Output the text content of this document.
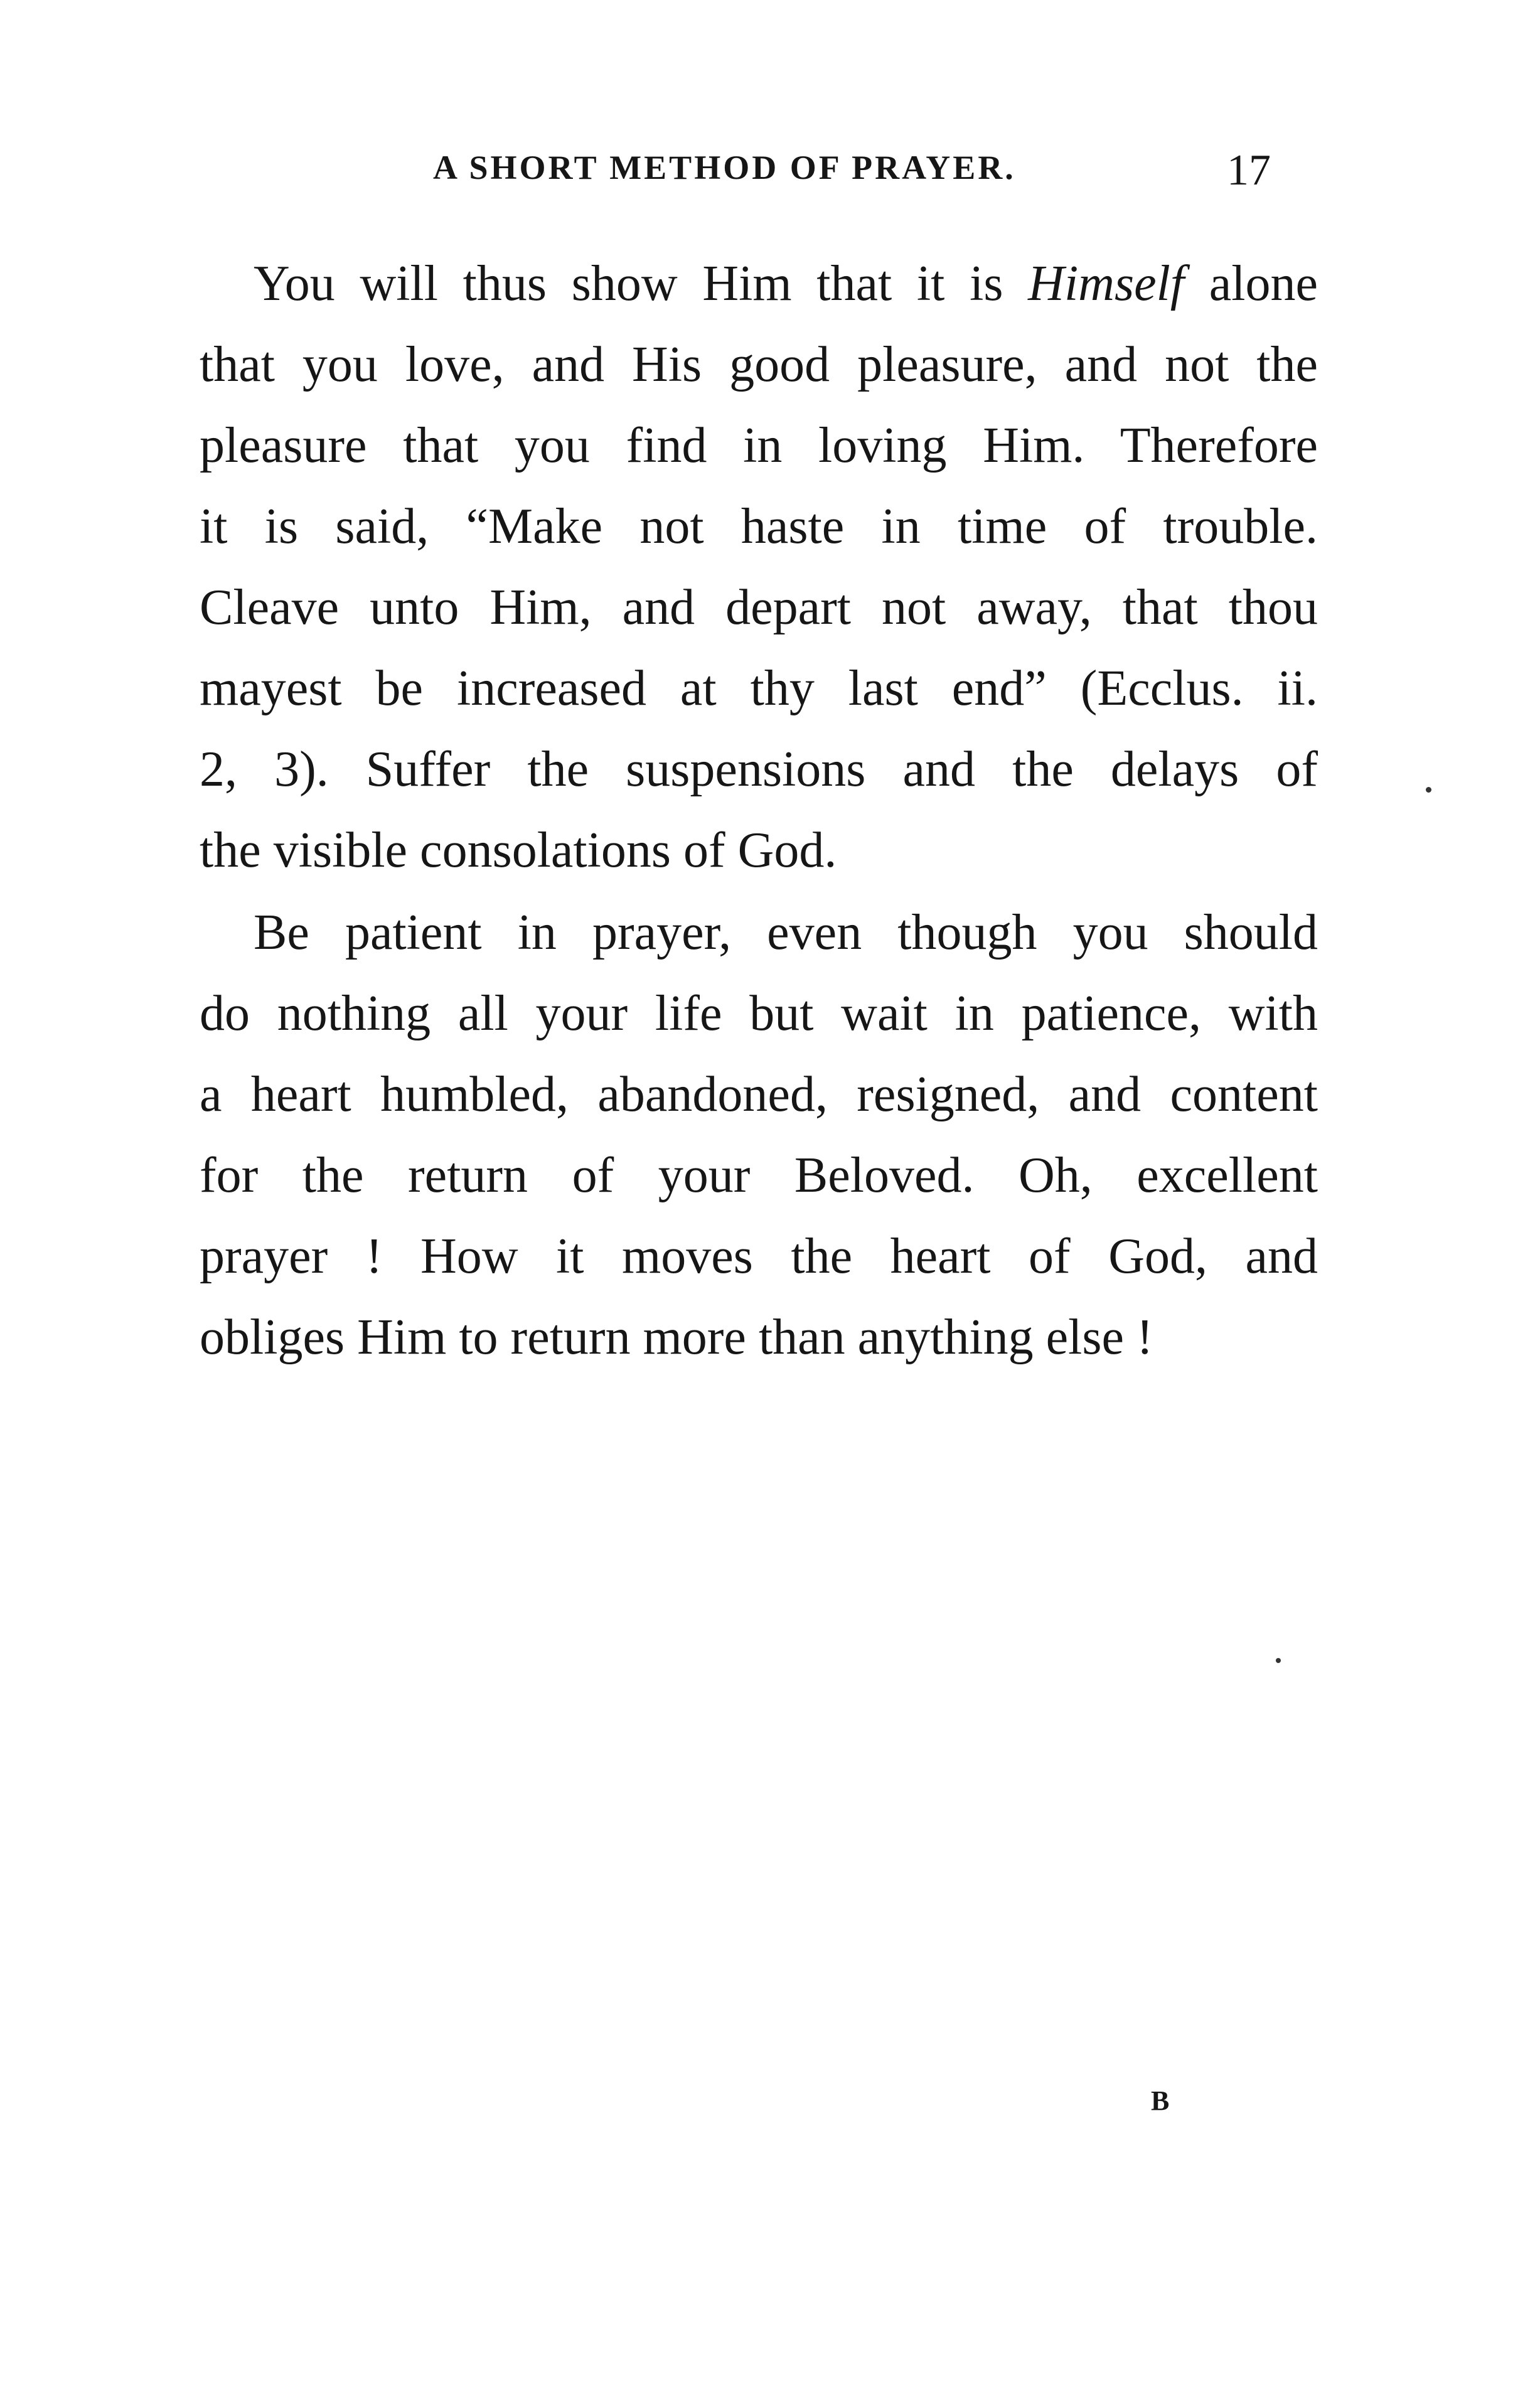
A SHORT METHOD OF PRAYER.	17
You will thus show Him that it is Himself alone
that you love, and His good pleasure, and not the
pleasure that you find in loving Him. Therefore
it is said, “Make not haste in time of trouble.
Cleave unto Him, and depart not away, that thou
mayest be increased at thy last end” (Ecclus. ii.
2, 3). Suffer the suspensions and the delays of
the visible consolations of God.
Be patient in prayer, even though you should
do nothing all your life but wait in patience, with
a heart humbled, abandoned, resigned, and content
for the return of your Beloved. Oh, excellent
prayer ! How it moves the heart of God, and
obliges Him to return more than anything else !
B
